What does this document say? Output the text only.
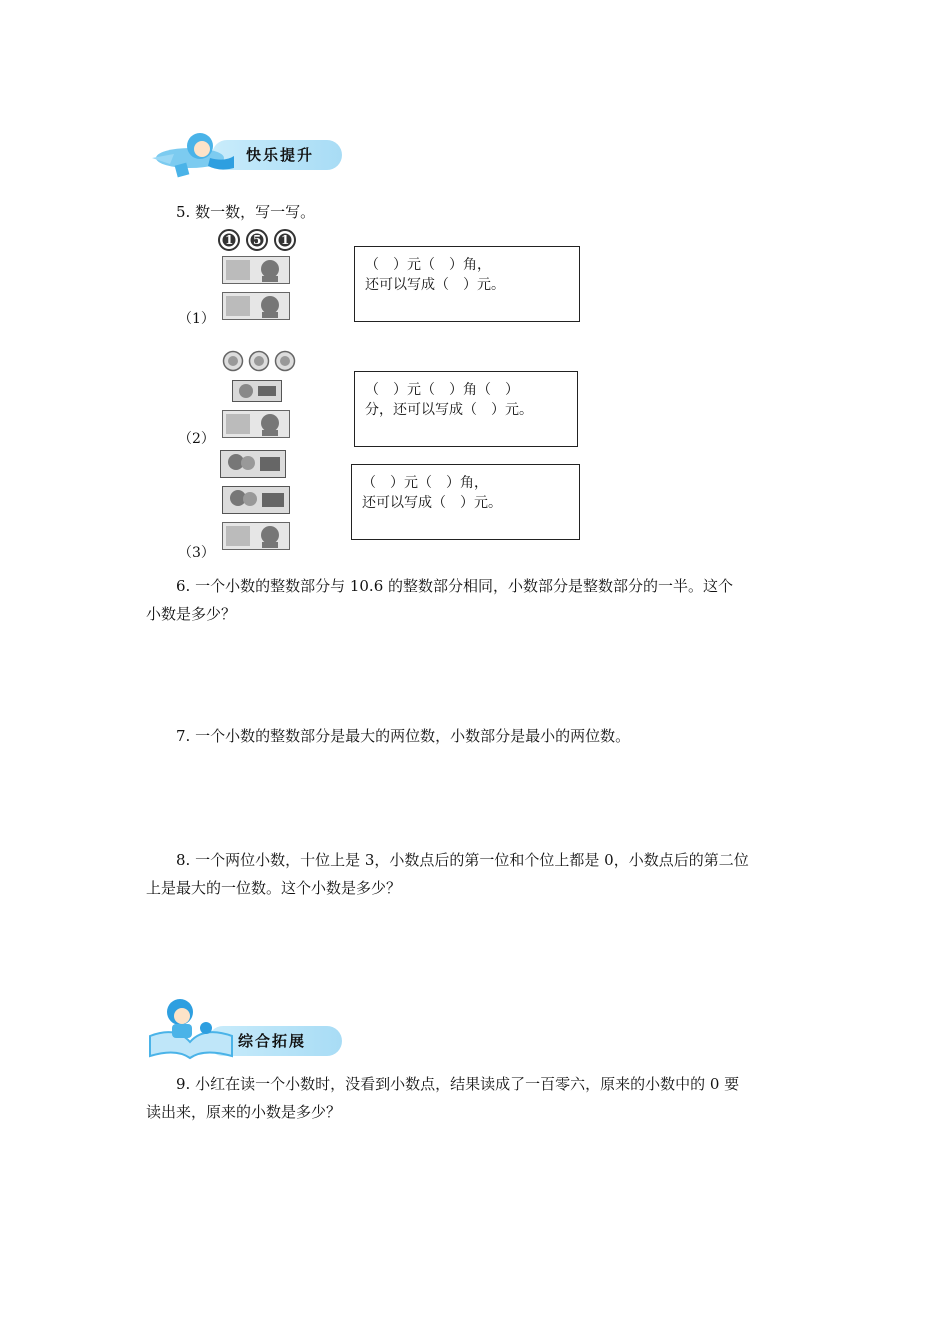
快乐提升
5. 数一数，写一写。
1 5 1
（1）
（　）元（　）角，
还可以写成（　）元。
（2）
（　）元（　）角（　）
分，还可以写成（　）元。
（3）
（　）元（　）角，
还可以写成（　）元。
6. 一个小数的整数部分与 10.6 的整数部分相同，小数部分是整数部分的一半。这个
小数是多少？
7. 一个小数的整数部分是最大的两位数，小数部分是最小的两位数。
8. 一个两位小数，十位上是 3，小数点后的第一位和个位上都是 0，小数点后的第二位
上是最大的一位数。这个小数是多少？
综合拓展
9. 小红在读一个小数时，没看到小数点，结果读成了一百零六，原来的小数中的 0 要
读出来，原来的小数是多少？
